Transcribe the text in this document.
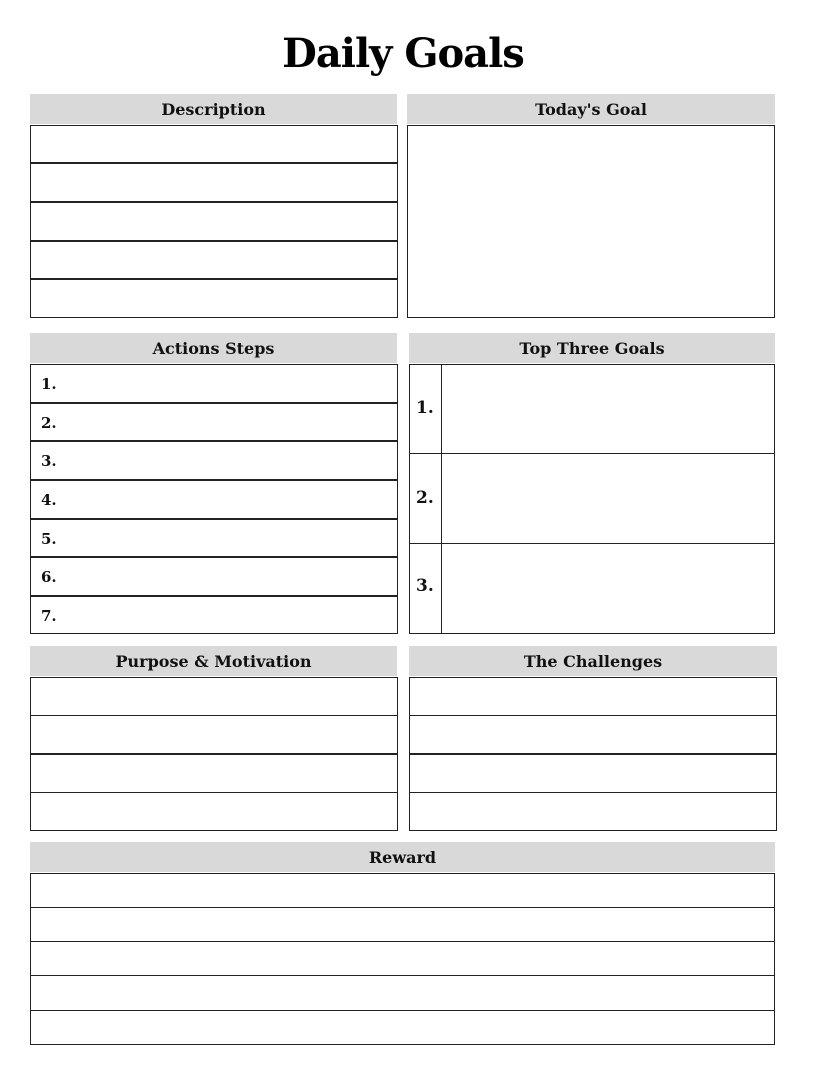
Daily Goals
Description	Today's Goal
Actions Steps
1.
2.
3.
4.
5.
6.
7.
Top Three Goals
1.
2.
3.
Purpose & Motivation	The Challenges
Reward
